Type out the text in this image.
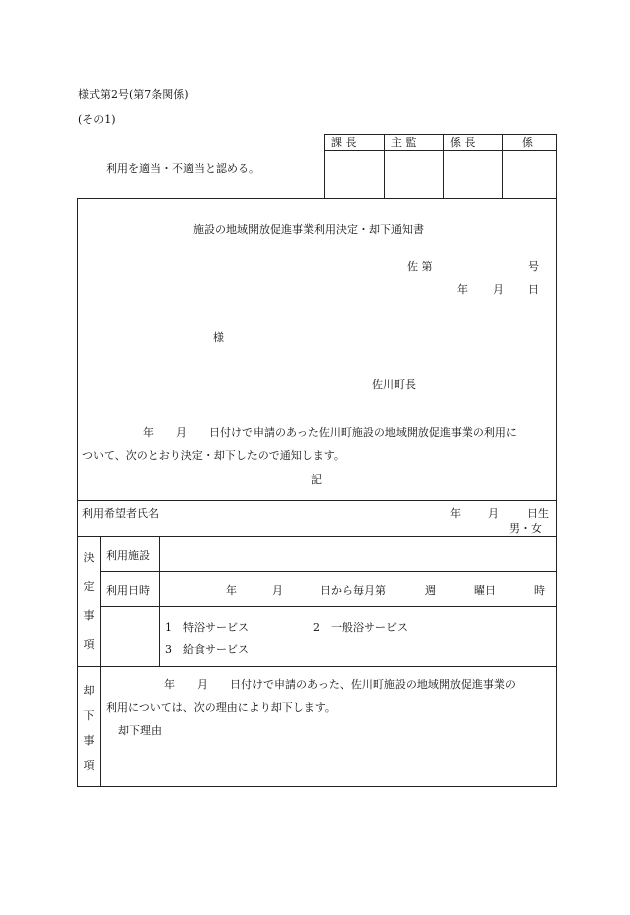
様式第2号(第7条関係)
(その1)
利用を適当・不適当と認める。
課 長	主 監	係 長	係
施設の地域開放促進事業利用決定・却下通知書
佐 第	号
年 月 日
様
佐川町長
年　　月　　日付けで申請のあった佐川町施設の地域開放促進事業の利用に
ついて、次のとおり決定・却下したので通知します。
記
利用希望者氏名	年 月	日生
男・女
決
定
事
項
利用施設
利用日時	年	月	日から毎月第	週	曜日	時
1　特浴サービス	2　一般浴サービス
3　給食サービス
却
下
事
項
年　　月　　日付けで申請のあった、佐川町施設の地域開放促進事業の
利用については、次の理由により却下します。
却下理由
